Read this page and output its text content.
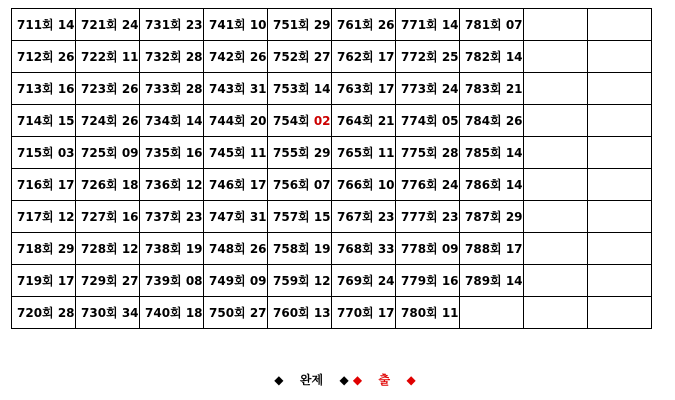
711회 14	721회 24	731회 23	741회 10	751회 29	761회 26	771회 14	781회 07		
712회 26	722회 11	732회 28	742회 26	752회 27	762회 17	772회 25	782회 14		
713회 16	723회 26	733회 28	743회 31	753회 14	763회 17	773회 24	783회 21		
714회 15	724회 26	734회 14	744회 20	754회 02	764회 21	774회 05	784회 26		
715회 03	725회 09	735회 16	745회 11	755회 29	765회 11	775회 28	785회 14		
716회 17	726회 18	736회 12	746회 17	756회 07	766회 10	776회 24	786회 14		
717회 12	727회 16	737회 23	747회 31	757회 15	767회 23	777회 23	787회 29		
718회 29	728회 12	738회 19	748회 26	758회 19	768회 33	778회 09	788회 17		
719회 17	729회 27	739회 08	749회 09	759회 12	769회 24	779회 16	789회 14		
720회 28	730회 34	740회 18	750회 27	760회 13	770회 17	780회 11			
◆ 완제 ◆ ◆ 출 ◆
